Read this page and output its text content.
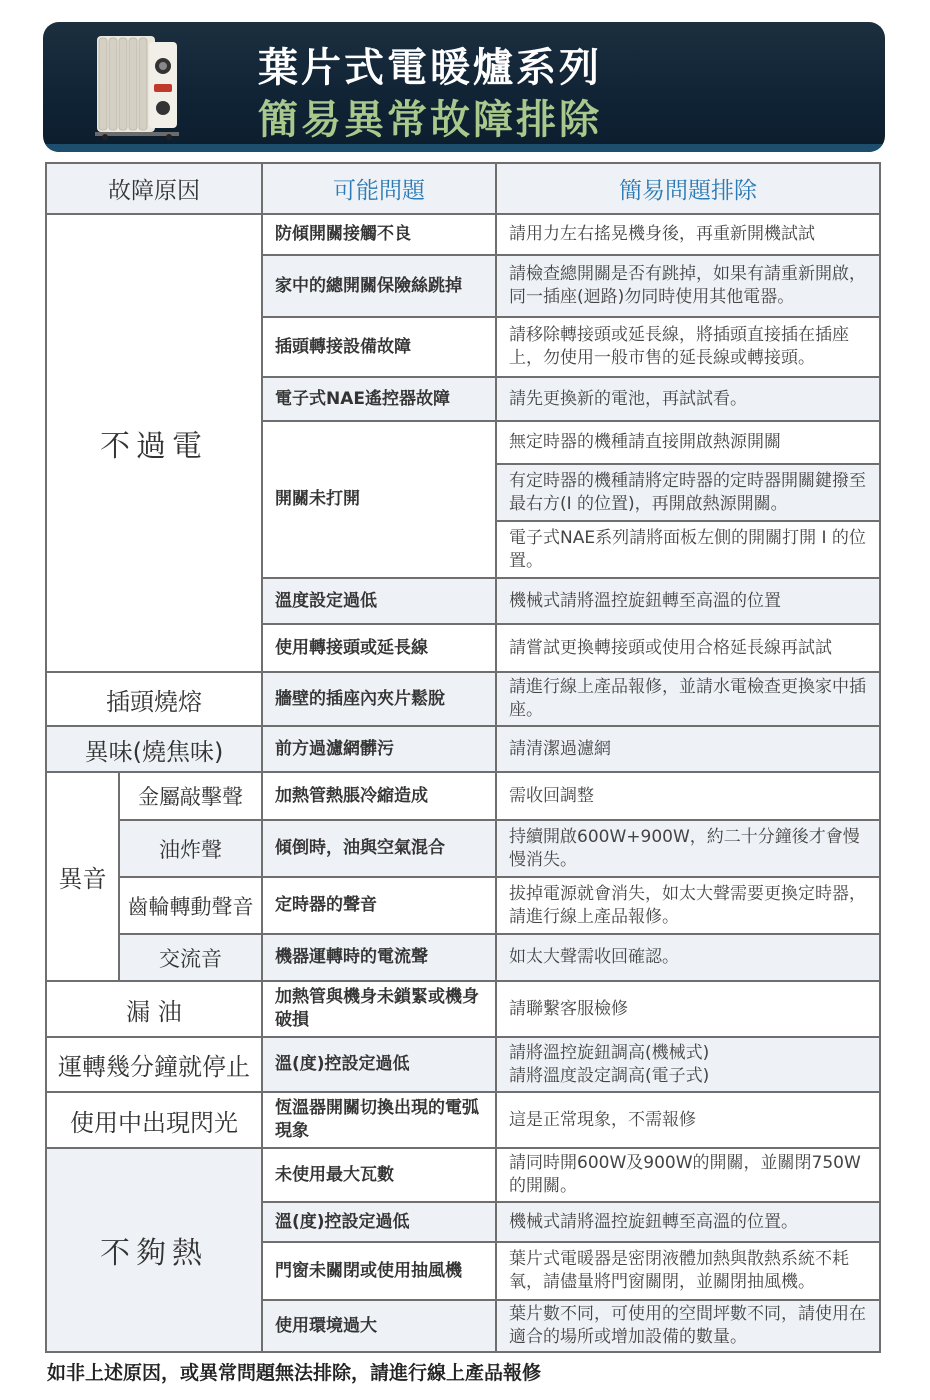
葉片式電暖爐系列
簡易異常故障排除
故障原因		可能問題	簡易問題排除
不過電		防傾開關接觸不良	請用力左右搖晃機身後，再重新開機試試
		家中的總開關保險絲跳掉	請檢查總開關是否有跳掉，如果有請重新開啟，同一插座(迴路)勿同時使用其他電器。
		插頭轉接設備故障	請移除轉接頭或延長線，將插頭直接插在插座上，勿使用一般市售的延長線或轉接頭。
		電子式NAE遙控器故障	請先更換新的電池，再試試看。
		開關未打開	無定時器的機種請直接開啟熱源開關
			有定時器的機種請將定時器的定時器開關鍵撥至最右方(Ⅰ 的位置)，再開啟熱源開關。
			電子式NAE系列請將面板左側的開關打開 I 的位置。
		溫度設定過低	機械式請將溫控旋鈕轉至高溫的位置
		使用轉接頭或延長線	請嘗試更換轉接頭或使用合格延長線再試試
插頭燒熔		牆壁的插座內夾片鬆脫	請進行線上產品報修，並請水電檢查更換家中插座。
異味(燒焦味)		前方過濾網髒污	請清潔過濾網
異音	金屬敲擊聲	加熱管熱脹冷縮造成	需收回調整
	油炸聲	傾倒時，油與空氣混合	持續開啟600W+900W，約二十分鐘後才會慢慢消失。
	齒輪轉動聲音	定時器的聲音	拔掉電源就會消失，如太大聲需要更換定時器，請進行線上產品報修。
	交流音	機器運轉時的電流聲	如太大聲需收回確認。
漏 油		加熱管與機身未鎖緊或機身破損	請聯繫客服檢修
運轉幾分鐘就停止		溫(度)控設定過低	請將溫控旋鈕調高(機械式)
請將溫度設定調高(電子式)

使用中出現閃光		恆溫器開關切換出現的電弧現象	這是正常現象，不需報修
不夠熱		未使用最大瓦數	請同時開600W及900W的開關，並關閉750W的開關。
		溫(度)控設定過低	機械式請將溫控旋鈕轉至高溫的位置。
		門窗未關閉或使用抽風機	葉片式電暖器是密閉液體加熱與散熱系統不耗氧，請儘量將門窗關閉，並關閉抽風機。
		使用環境過大	葉片數不同，可使用的空間坪數不同，請使用在適合的場所或增加設備的數量。
如非上述原因，或異常問題無法排除，請進行線上產品報修
